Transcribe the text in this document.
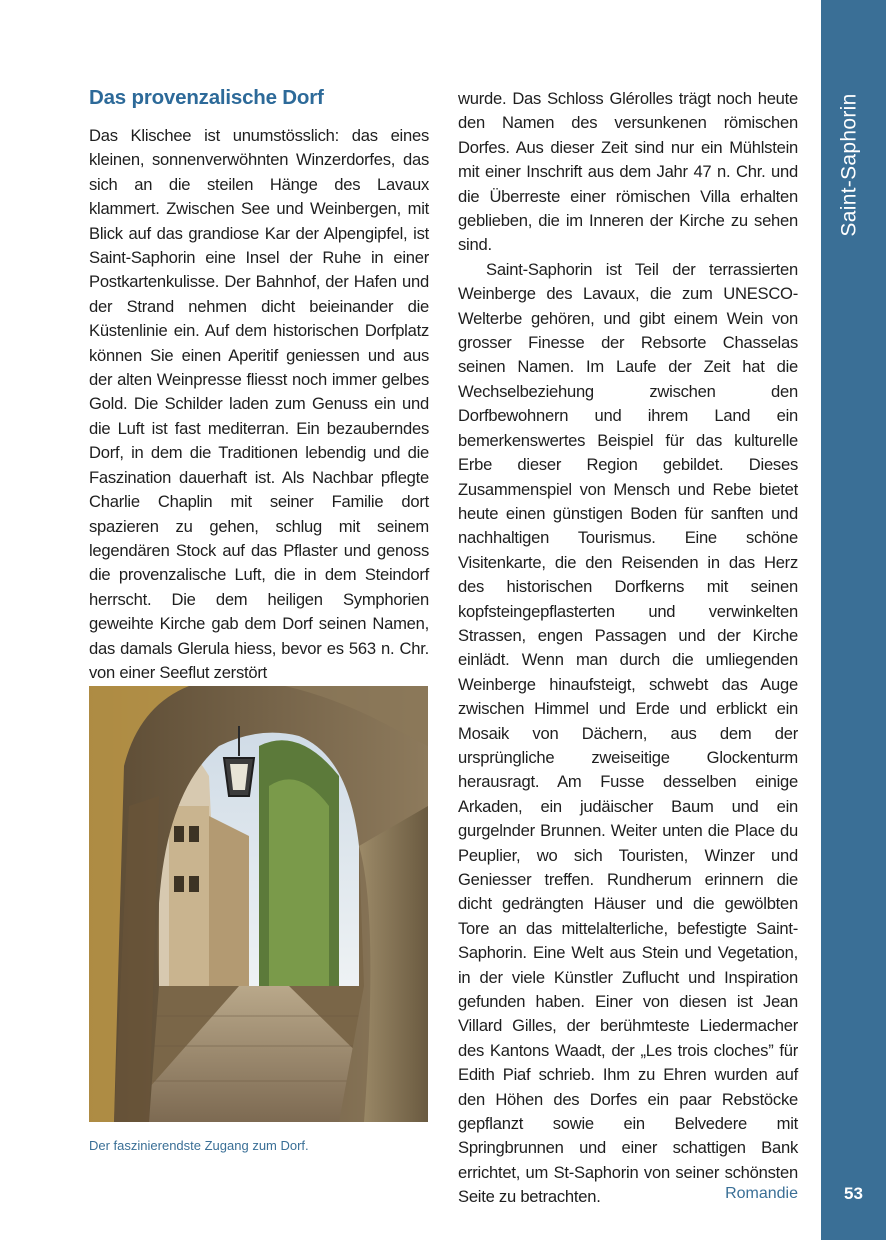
Saint-Saphorin
53
Romandie
Das provenzalische Dorf

Das Klischee ist unumstösslich: das eines kleinen, sonnenverwöhnten Winzerdorfes, das sich an die steilen Hänge des Lavaux klammert. Zwischen See und Weinbergen, mit Blick auf das grandiose Kar der Alpengipfel, ist Saint-Saphorin eine Insel der Ruhe in einer Postkartenkulisse. Der Bahnhof, der Hafen und der Strand nehmen dicht beieinander die Küstenlinie ein. Auf dem historischen Dorfplatz können Sie einen Aperitif geniessen und aus der alten Weinpresse fliesst noch immer gelbes Gold. Die Schilder laden zum Genuss ein und die Luft ist fast mediterran. Ein bezauberndes Dorf, in dem die Traditionen lebendig und die Faszination dauerhaft ist. Als Nachbar pflegte Charlie Chaplin mit seiner Familie dort spazieren zu gehen, schlug mit seinem legendären Stock auf das Pflaster und genoss die provenzalische Luft, die in dem Steindorf herrscht. Die dem heiligen Symphorien geweihte Kirche gab dem Dorf seinen Namen, das damals Glerula hiess, bevor es 563 n. Chr. von einer Seeflut zerstört

wurde. Das Schloss Glérolles trägt noch heute den Namen des versunkenen römischen Dorfes. Aus dieser Zeit sind nur ein Mühlstein mit einer Inschrift aus dem Jahr 47 n. Chr. und die Überreste einer römischen Villa erhalten geblieben, die im Inneren der Kirche zu sehen sind.

Saint-Saphorin ist Teil der terrassierten Weinberge des Lavaux, die zum UNESCO-Welterbe gehören, und gibt einem Wein von grosser Finesse der Rebsorte Chasselas seinen Namen. Im Laufe der Zeit hat die Wechselbeziehung zwischen den Dorfbewohnern und ihrem Land ein bemerkenswertes Beispiel für das kulturelle Erbe dieser Region gebildet. Dieses Zusammenspiel von Mensch und Rebe bietet heute einen günstigen Boden für sanften und nachhaltigen Tourismus. Eine schöne Visitenkarte, die den Reisenden in das Herz des historischen Dorfkerns mit seinen kopfsteingepflasterten und verwinkelten Strassen, engen Passagen und der Kirche einlädt. Wenn man durch die umliegenden Weinberge hinaufsteigt, schwebt das Auge zwischen Himmel und Erde und erblickt ein Mosaik von Dächern, aus dem der ursprüngliche zweiseitige Glockenturm herausragt. Am Fusse desselben einige Arkaden, ein judäischer Baum und ein gurgelnder Brunnen. Weiter unten die Place du Peuplier, wo sich Touristen, Winzer und Geniesser treffen. Rundherum erinnern die dicht gedrängten Häuser und die gewölbten Tore an das mittelalterliche, befestigte Saint-Saphorin. Eine Welt aus Stein und Vegetation, in der viele Künstler Zuflucht und Inspiration gefunden haben. Einer von diesen ist Jean Villard Gilles, der berühmteste Liedermacher des Kantons Waadt, der „Les trois cloches” für Edith Piaf schrieb. Ihm zu Ehren wurden auf den Höhen des Dorfes ein paar Rebstöcke gepflanzt sowie ein Belvedere mit Springbrunnen und einer schattigen Bank errichtet, um St-Saphorin von seiner schönsten Seite zu betrachten.

Der faszinierendste Zugang zum Dorf.
